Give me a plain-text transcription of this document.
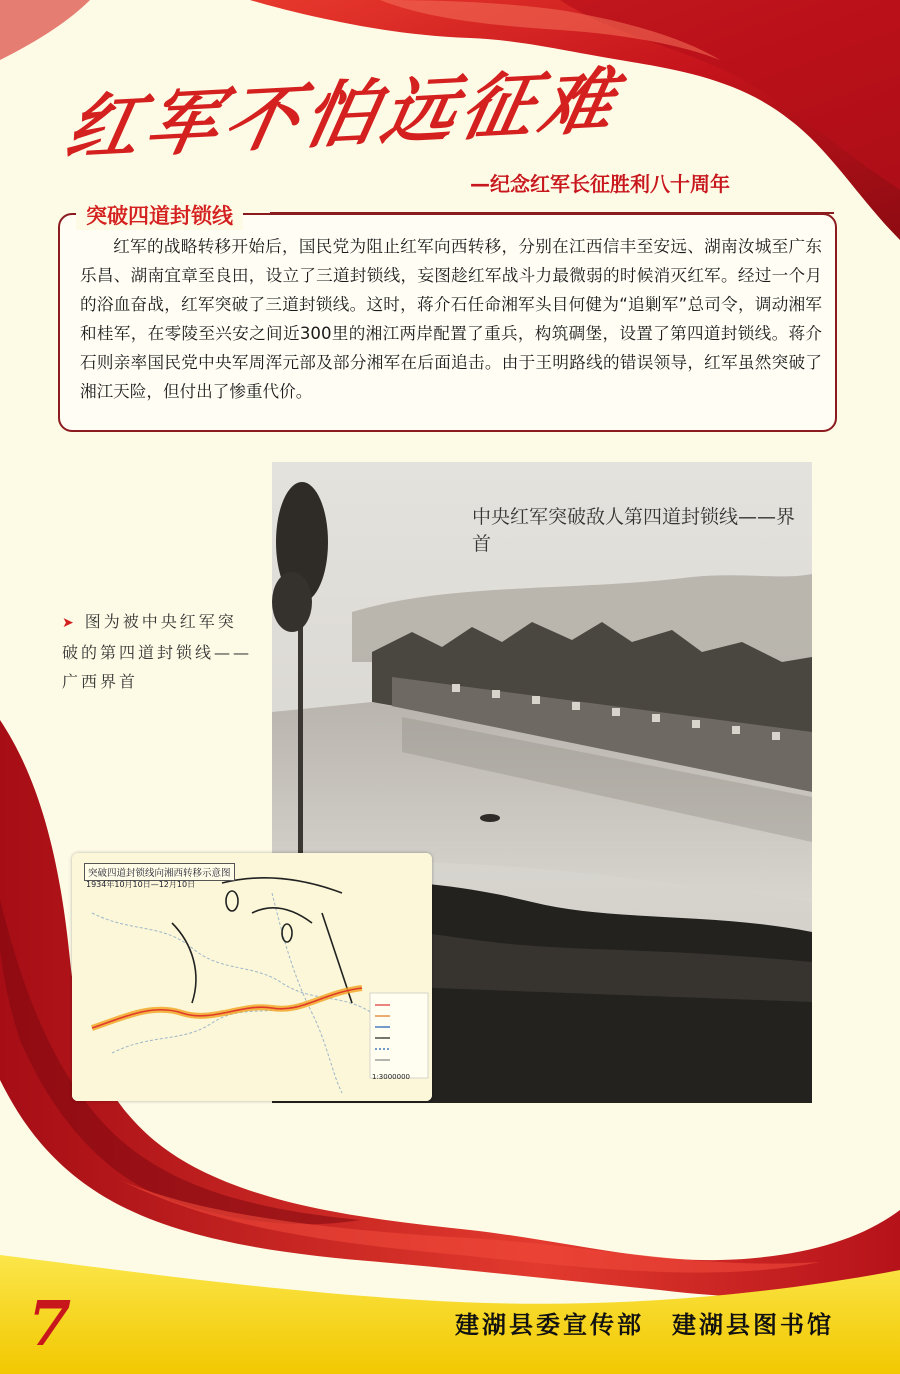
红军不怕远征难
—纪念红军长征胜利八十周年
突破四道封锁线
红军的战略转移开始后，国民党为阻止红军向西转移，分别在江西信丰至安远、湖南汝城至广东乐昌、湖南宜章至良田，设立了三道封锁线，妄图趁红军战斗力最微弱的时候消灭红军。经过一个月的浴血奋战，红军突破了三道封锁线。这时，蒋介石任命湘军头目何健为“追剿军”总司令，调动湘军和桂军，在零陵至兴安之间近300里的湘江两岸配置了重兵，构筑碉堡，设置了第四道封锁线。蒋介石则亲率国民党中央军周浑元部及部分湘军在后面追击。由于王明路线的错误领导，红军虽然突破了湘江天险，但付出了惨重代价。
中央红军突破敌人第四道封锁线——界首
➤ 图为被中央红军突破的第四道封锁线——广西界首
突破四道封锁线向湘西转移示意图
1934年10月10日—12月10日
1:3000000
7	建湖县委宣传部 建湖县图书馆
